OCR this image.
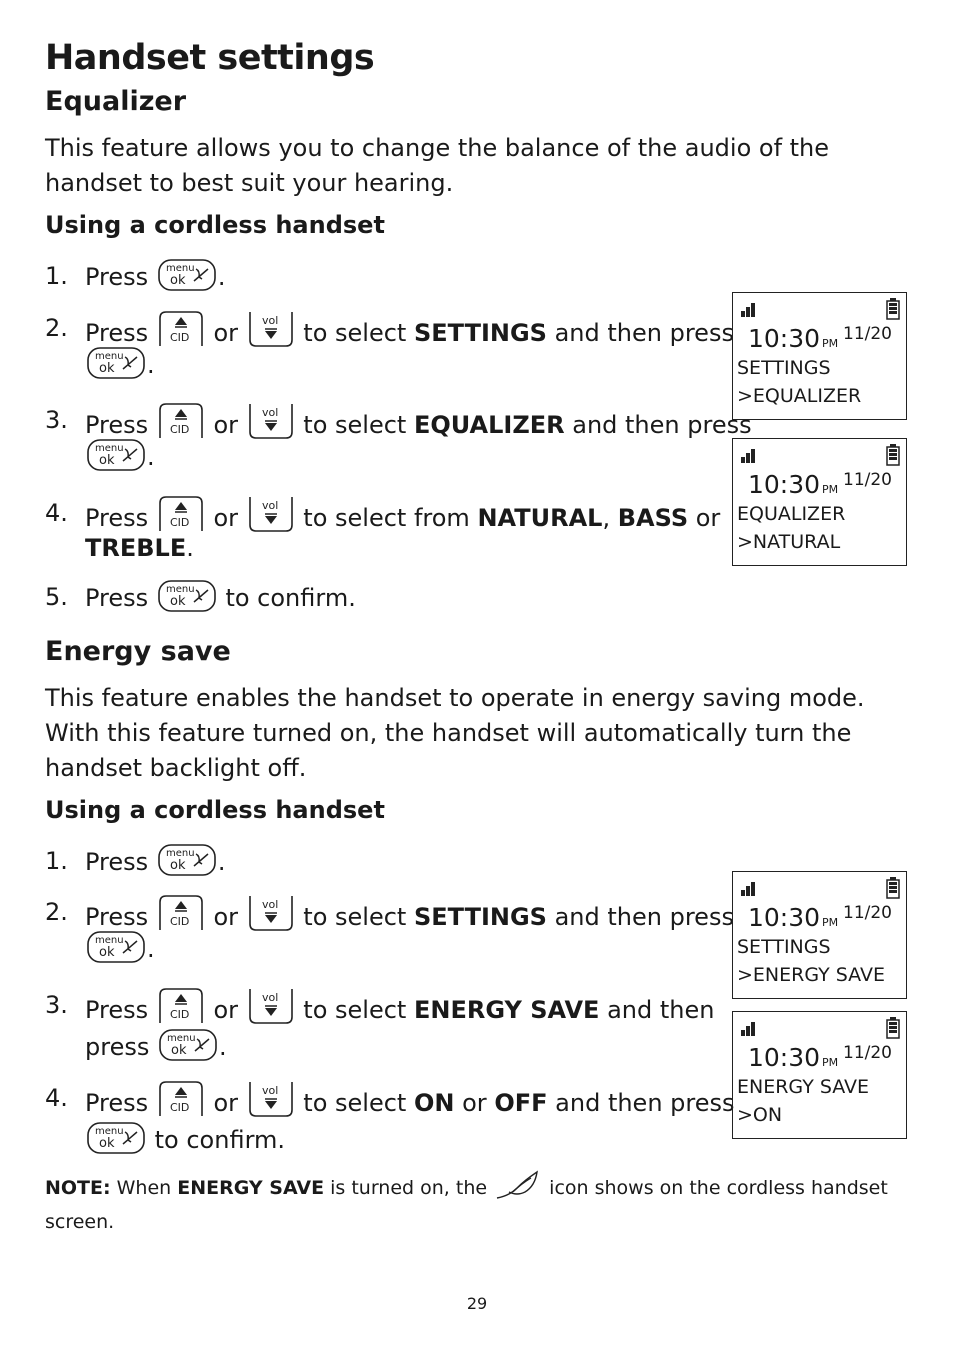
Handset settings
Equalizer
This feature allows you to change the balance of the audio of the
handset to best suit your hearing.
Using a cordless handset
1. Press menu
ok .
2. Press CID or vol to select SETTINGS and then press
menu
ok .
3. Press CID or vol to select EQUALIZER and then press
menu
ok .
4. Press CID or vol to select from NATURAL, BASS or
TREBLE.
5. Press menu
ok to confirm.
Energy save
This feature enables the handset to operate in energy saving mode.
With this feature turned on, the handset will automatically turn the
handset backlight off.
Using a cordless handset
1. Press menu
ok .
2. Press CID or vol to select SETTINGS and then press
menu
ok .
3. Press CID or vol to select ENERGY SAVE and then
press menu
ok .
4. Press CID or vol to select ON or OFF and then press
menu
ok to confirm.
10:30 PM 11/20
SETTINGS
>EQUALIZER
10:30 PM 11/20
EQUALIZER
>NATURAL
10:30 PM 11/20
SETTINGS
>ENERGY SAVE
10:30 PM 11/20
ENERGY SAVE
>ON
NOTE: When ENERGY SAVE is turned on, the	icon shows on the cordless handset
screen.
29
